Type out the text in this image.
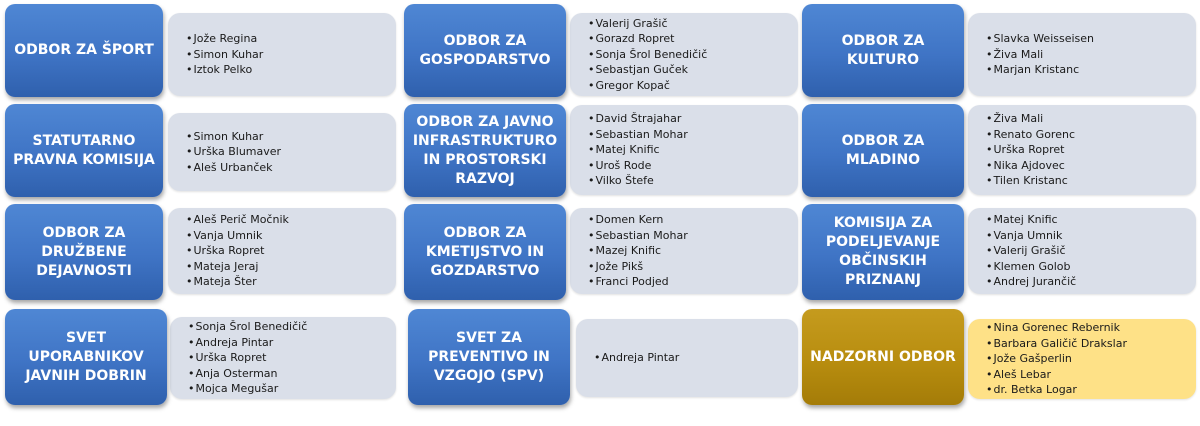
• Jože Regina
• Simon Kuhar
• Iztok Pelko
ODBOR ZA ŠPORT
• Valerij Grašič
• Gorazd Ropret
• Sonja Šrol Benedičič
• Sebastjan Guček
• Gregor Kopač
ODBOR ZA GOSPODARSTVO
• Slavka Weisseisen
• Živa Mali
• Marjan Kristanc
ODBOR ZA KULTURO
• Simon Kuhar
• Urška Blumaver
• Aleš Urbanček
STATUTARNO PRAVNA KOMISIJA
• David Štrajahar
• Sebastian Mohar
• Matej Knific
• Uroš Rode
• Vilko Štefe
ODBOR ZA JAVNO INFRASTRUKTURO IN PROSTORSKI RAZVOJ
• Živa Mali
• Renato Gorenc
• Urška Ropret
• Nika Ajdovec
• Tilen Kristanc
ODBOR ZA MLADINO
• Aleš Perič Močnik
• Vanja Umnik
• Urška Ropret
• Mateja Jeraj
• Mateja Šter
ODBOR ZA DRUŽBENE DEJAVNOSTI
• Domen Kern
• Sebastian Mohar
• Mazej Knific
• Jože Pikš
• Franci Podjed
ODBOR ZA KMETIJSTVO IN GOZDARSTVO
• Matej Knific
• Vanja Umnik
• Valerij Grašič
• Klemen Golob
• Andrej Jurančič
KOMISIJA ZA PODELJEVANJE OBČINSKIH PRIZNANJ
• Sonja Šrol Benedičič
• Andreja Pintar
• Urška Ropret
• Anja Osterman
• Mojca Megušar
SVET UPORABNIKOV JAVNIH DOBRIN
• Andreja Pintar
SVET ZA PREVENTIVO IN VZGOJO (SPV)
• Nina Gorenec Rebernik
• Barbara Galičič Drakslar
• Jože Gašperlin
• Aleš Lebar
• dr. Betka Logar
NADZORNI ODBOR
